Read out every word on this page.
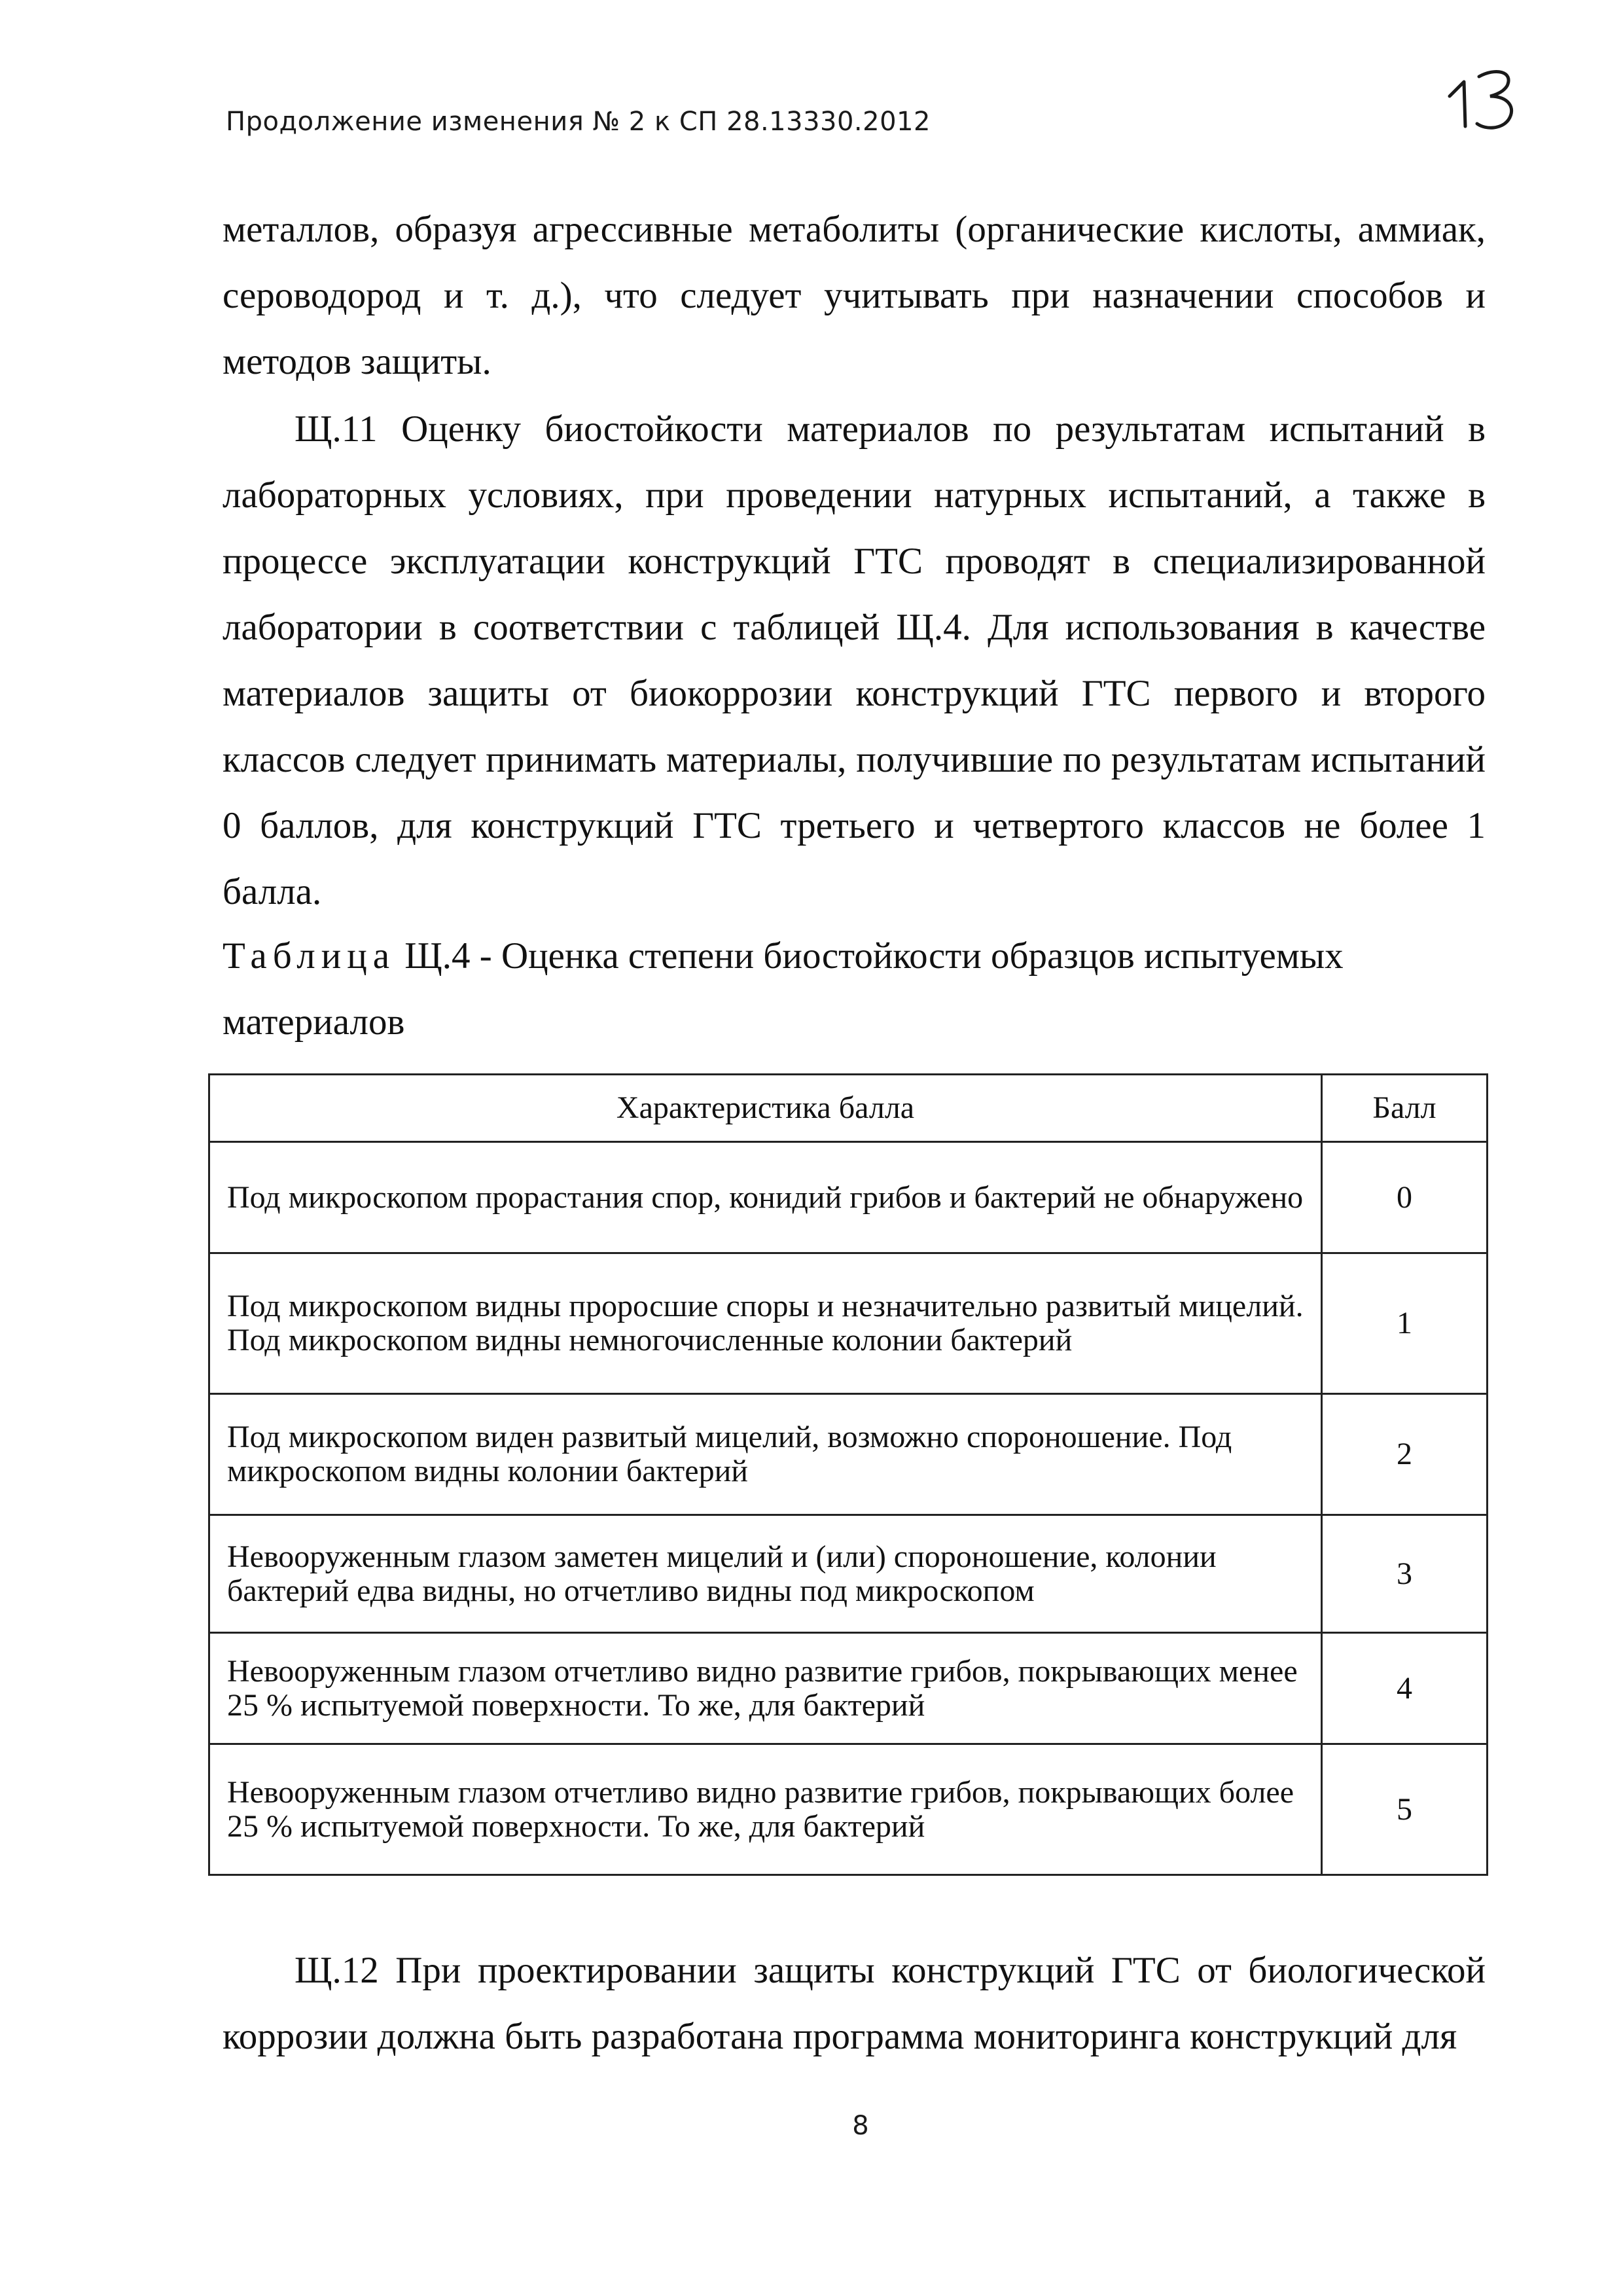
Продолжение изменения № 2 к СП 28.13330.2012

металлов, образуя агрессивные метаболиты (органические кислоты, аммиак, сероводород и т. д.), что следует учитывать при назначении способов и методов защиты.

Щ.11 Оценку биостойкости материалов по результатам испытаний в лабораторных условиях, при проведении натурных испытаний, а также в процессе эксплуатации конструкций ГТС проводят в специализированной лаборатории в соответствии с таблицей Щ.4. Для использования в качестве материалов защиты от биокоррозии конструкций ГТС первого и второго классов следует принимать материалы, получившие по результатам испытаний 0 баллов, для конструкций ГТС третьего и четвертого классов не более 1 балла.

Таблица Щ.4 - Оценка степени биостойкости образцов испытуемых материалов
Характеристика балла	Балл
Под микроскопом прорастания спор, конидий грибов и бактерий не обнаружено	0
Под микроскопом видны проросшие споры и незначительно развитый мицелий. Под микроскопом видны немногочисленные колонии бактерий	1
Под микроскопом виден развитый мицелий, возможно спороношение. Под микроскопом видны колонии бактерий	2
Невооруженным глазом заметен мицелий и (или) спороношение, колонии бактерий едва видны, но отчетливо видны под микроскопом	3
Невооруженным глазом отчетливо видно развитие грибов, покрывающих менее 25 % испытуемой поверхности. То же, для бактерий	4
Невооруженным глазом отчетливо видно развитие грибов, покрывающих более 25 % испытуемой поверхности. То же, для бактерий	5

Щ.12 При проектировании защиты конструкций ГТС от биологической коррозии должна быть разработана программа мониторинга конструкций для

8
